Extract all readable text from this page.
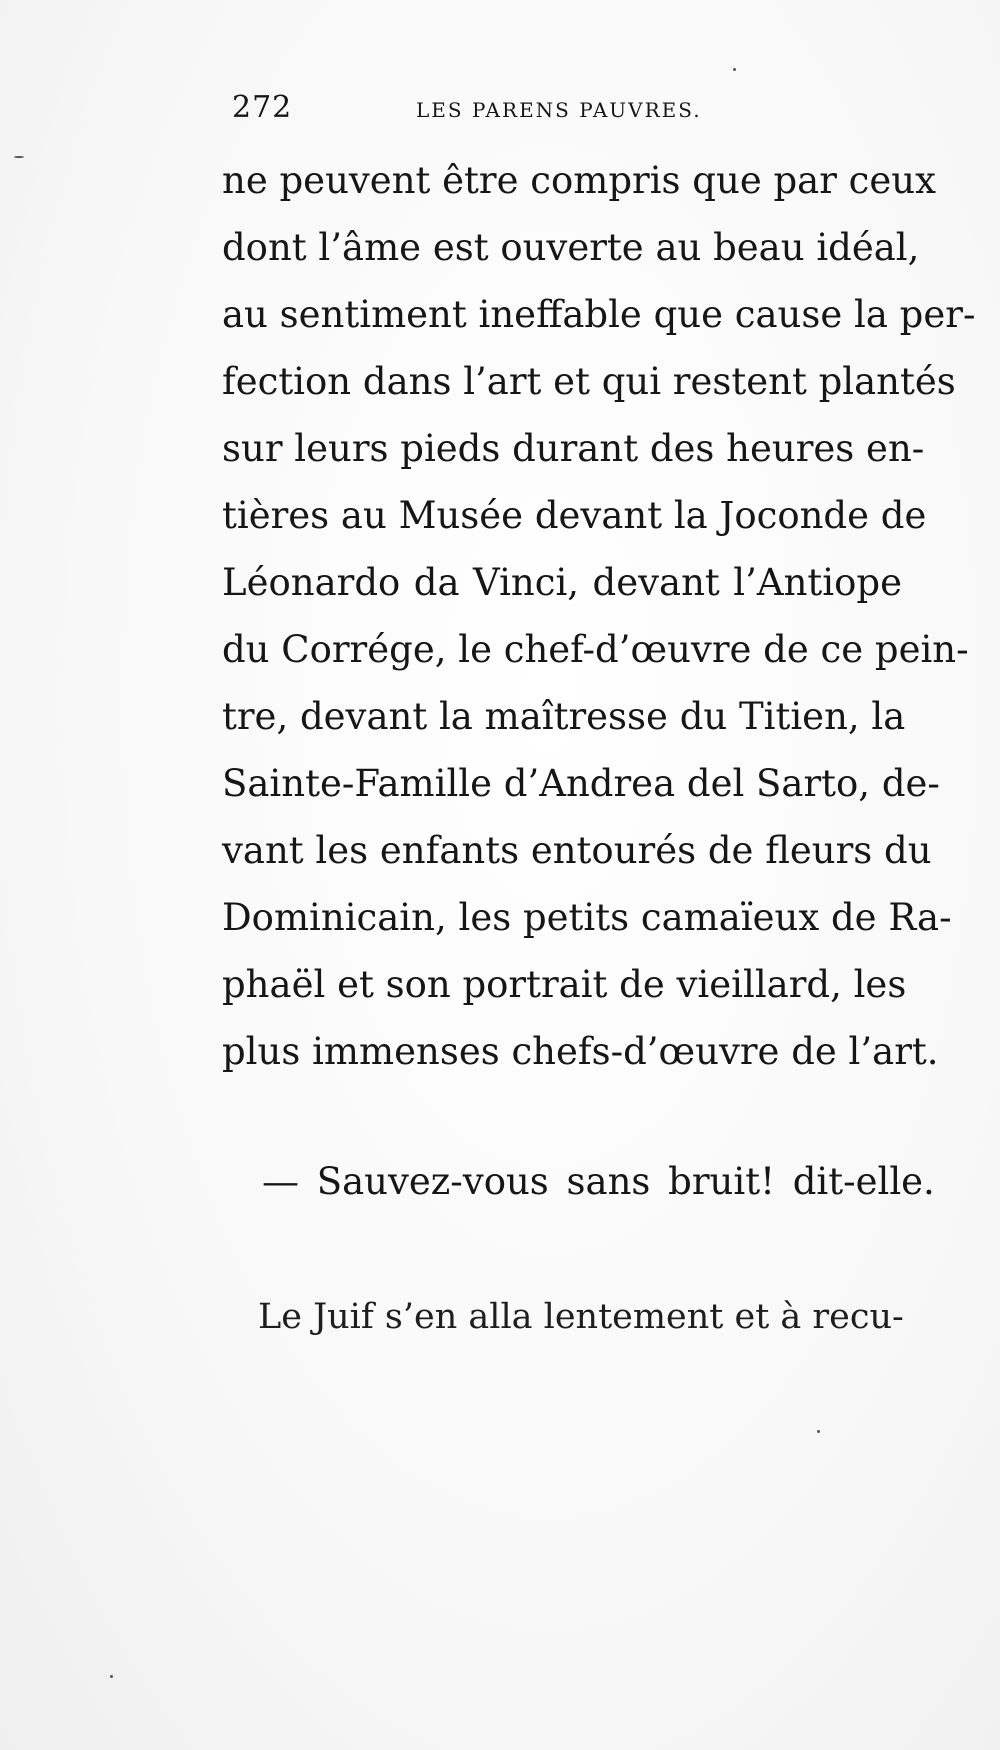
272	LES PARENS PAUVRES.
ne peuvent être compris que par ceux
dont l’âme est ouverte au beau idéal,
au sentiment ineffable que cause la per-
fection dans l’art et qui restent plantés
sur leurs pieds durant des heures en-
tières au Musée devant la Joconde de
Léonardo da Vinci, devant l’Antiope
du Corrége, le chef-d’œuvre de ce pein-
tre, devant la maîtresse du Titien, la
Sainte-Famille d’Andrea del Sarto, de-
vant les enfants entourés de fleurs du
Dominicain, les petits camaïeux de Ra-
phaël et son portrait de vieillard, les
plus immenses chefs-d’œuvre de l’art.
— Sauvez-vous sans bruit! dit-elle.
Le Juif s’en alla lentement et à recu-
